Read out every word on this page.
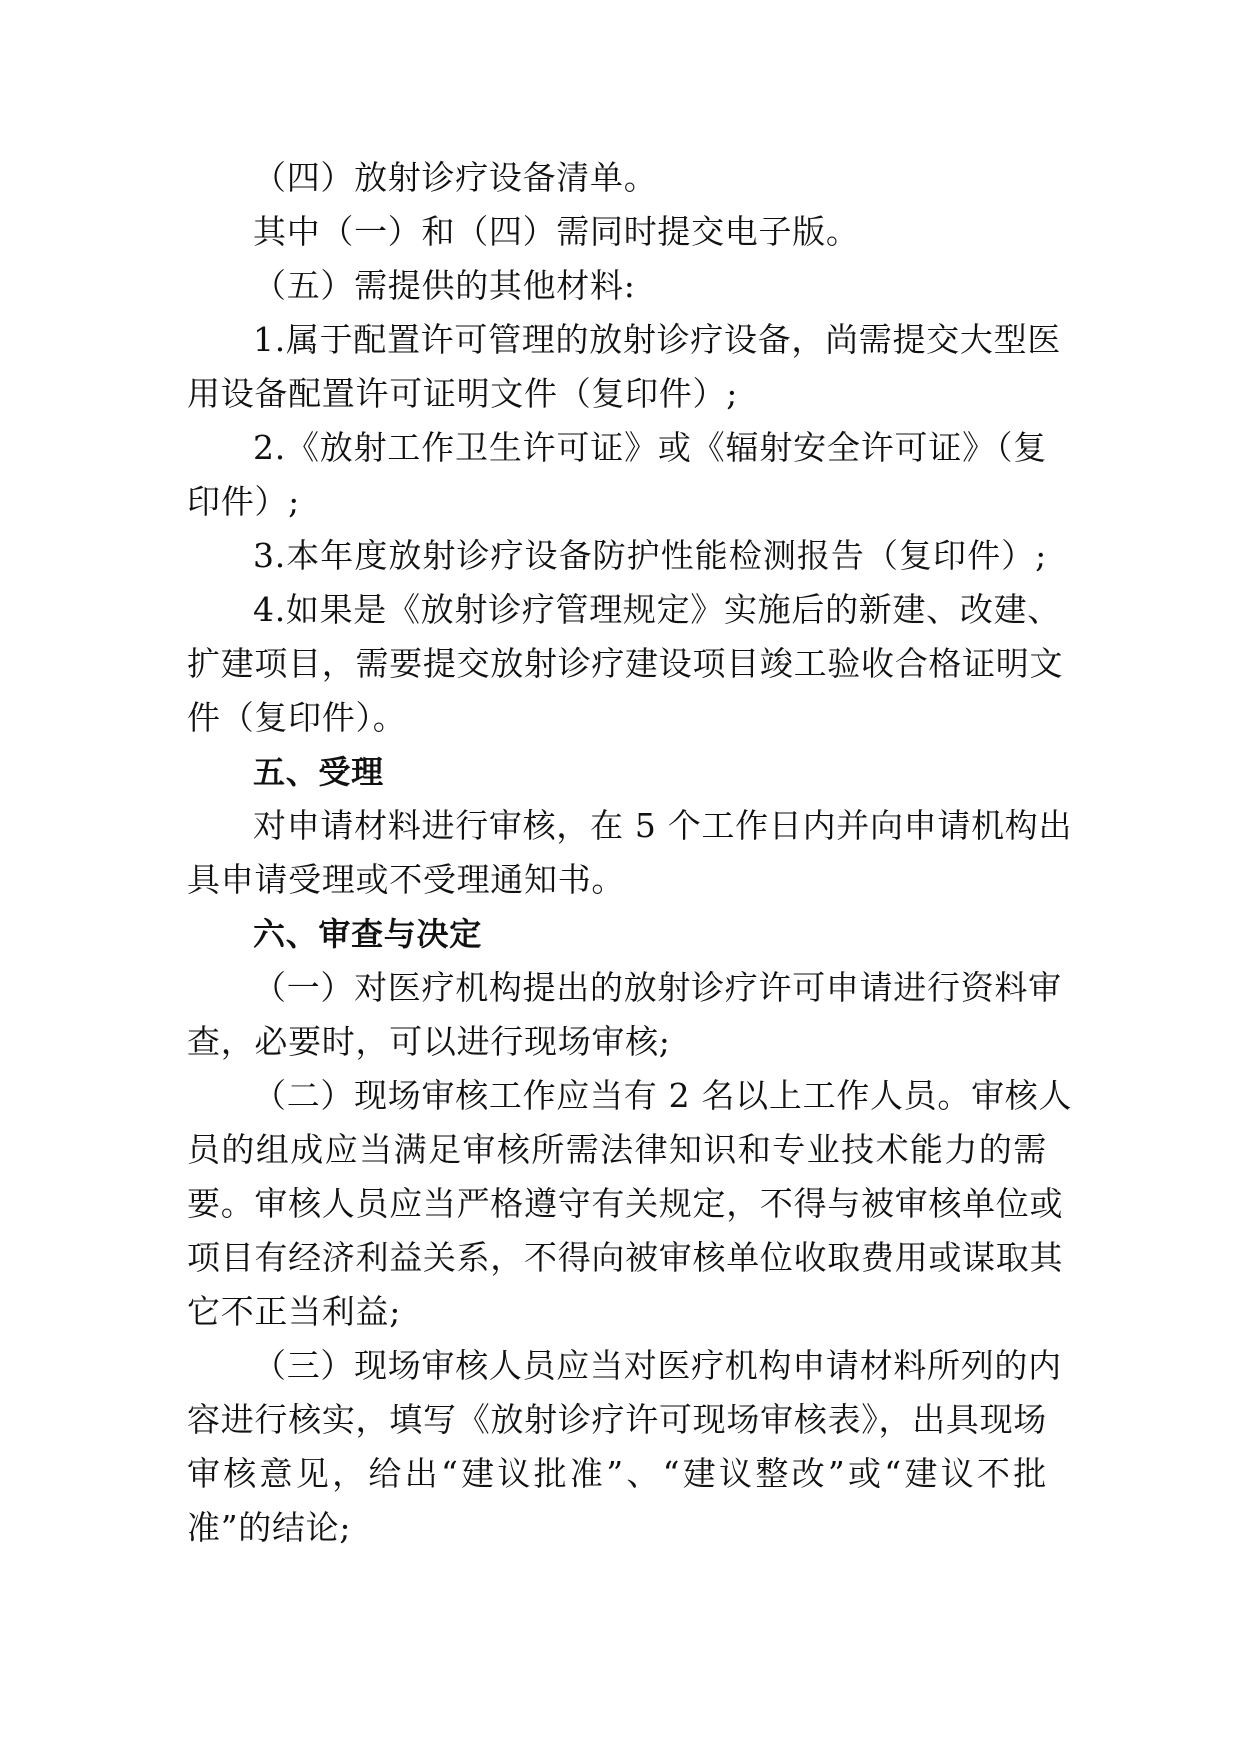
（四）放射诊疗设备清单。
其中（一）和（四）需同时提交电子版。
（五）需提供的其他材料:
1.属于配置许可管理的放射诊疗设备，尚需提交大型医
用设备配置许可证明文件（复印件）;
2.《放射工作卫生许可证》或《辐射安全许可证》（复
印件）;
3.本年度放射诊疗设备防护性能检测报告（复印件）;
4.如果是《放射诊疗管理规定》实施后的新建、改建、
扩建项目，需要提交放射诊疗建设项目竣工验收合格证明文
件（复印件）。
五、受理
对申请材料进行审核，在 5 个工作日内并向申请机构出
具申请受理或不受理通知书。
六、审查与决定
（一）对医疗机构提出的放射诊疗许可申请进行资料审
查，必要时，可以进行现场审核;
（二）现场审核工作应当有 2 名以上工作人员。审核人
员的组成应当满足审核所需法律知识和专业技术能力的需
要。审核人员应当严格遵守有关规定，不得与被审核单位或
项目有经济利益关系，不得向被审核单位收取费用或谋取其
它不正当利益;
（三）现场审核人员应当对医疗机构申请材料所列的内
容进行核实，填写《放射诊疗许可现场审核表》，出具现场
审核意见，给出“建议批准”、“建议整改”或“建议不批
准”的结论;
